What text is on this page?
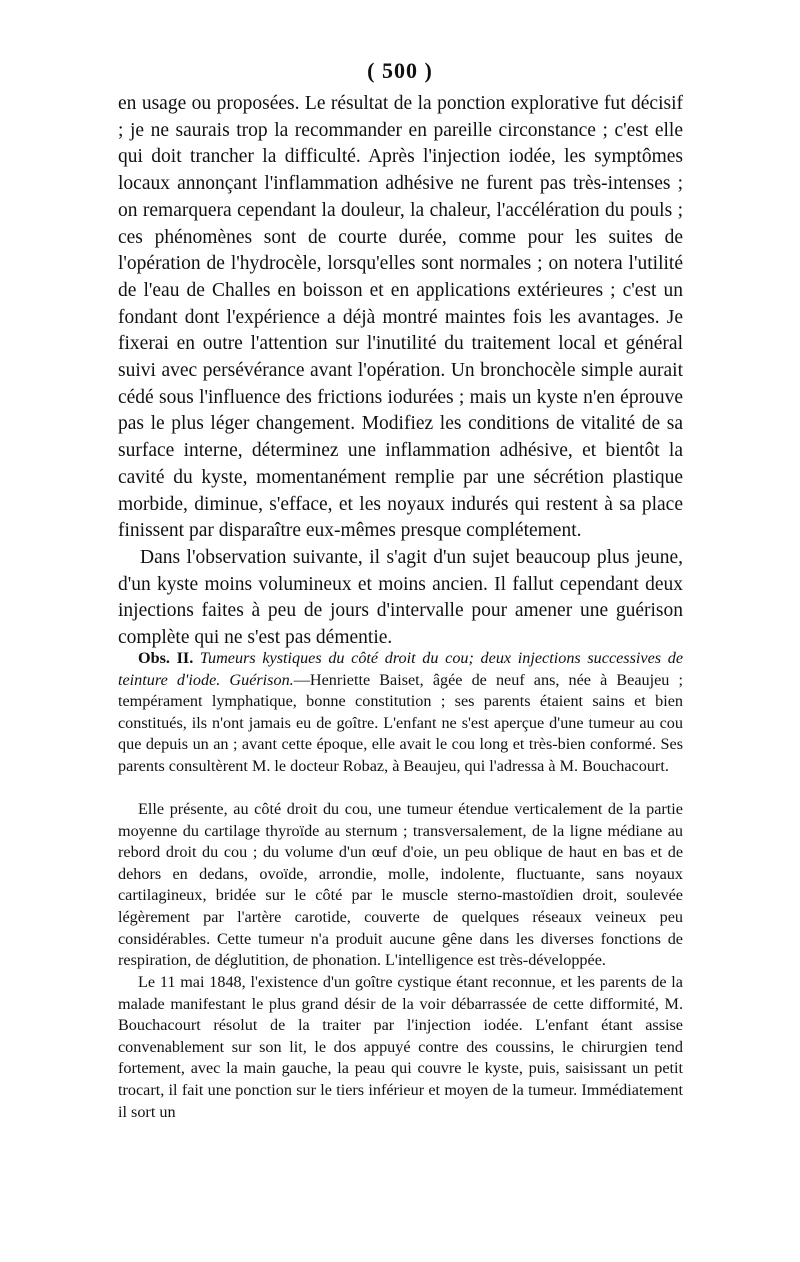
( 500 )

en usage ou proposées. Le résultat de la ponction explorative fut décisif ; je ne saurais trop la recommander en pareille circonstance ; c'est elle qui doit trancher la difficulté. Après l'injection iodée, les symptômes locaux annonçant l'inflammation adhésive ne furent pas très-intenses ; on remarquera cependant la douleur, la chaleur, l'accélération du pouls ; ces phénomènes sont de courte durée, comme pour les suites de l'opération de l'hydrocèle, lorsqu'elles sont normales ; on notera l'utilité de l'eau de Challes en boisson et en applications extérieures ; c'est un fondant dont l'expérience a déjà montré maintes fois les avantages. Je fixerai en outre l'attention sur l'inutilité du traitement local et général suivi avec persévérance avant l'opération. Un bronchocèle simple aurait cédé sous l'influence des frictions iodurées ; mais un kyste n'en éprouve pas le plus léger changement. Modifiez les conditions de vitalité de sa surface interne, déterminez une inflammation adhésive, et bientôt la cavité du kyste, momentanément remplie par une sécrétion plastique morbide, diminue, s'efface, et les noyaux indurés qui restent à sa place finissent par disparaître eux-mêmes presque complétement.

Dans l'observation suivante, il s'agit d'un sujet beaucoup plus jeune, d'un kyste moins volumineux et moins ancien. Il fallut cependant deux injections faites à peu de jours d'intervalle pour amener une guérison complète qui ne s'est pas démentie.

Obs. II. Tumeurs kystiques du côté droit du cou; deux injections successives de teinture d'iode. Guérison.—Henriette Baiset, âgée de neuf ans, née à Beaujeu ; tempérament lymphatique, bonne constitution ; ses parents étaient sains et bien constitués, ils n'ont jamais eu de goître. L'enfant ne s'est aperçue d'une tumeur au cou que depuis un an ; avant cette époque, elle avait le cou long et très-bien conformé. Ses parents consultèrent M. le docteur Robaz, à Beaujeu, qui l'adressa à M. Bouchacourt.

Elle présente, au côté droit du cou, une tumeur étendue verticalement de la partie moyenne du cartilage thyroïde au sternum ; transversalement, de la ligne médiane au rebord droit du cou ; du volume d'un œuf d'oie, un peu oblique de haut en bas et de dehors en dedans, ovoïde, arrondie, molle, indolente, fluctuante, sans noyaux cartilagineux, bridée sur le côté par le muscle sterno-mastoïdien droit, soulevée légèrement par l'artère carotide, couverte de quelques réseaux veineux peu considérables. Cette tumeur n'a produit aucune gêne dans les diverses fonctions de respiration, de déglutition, de phonation. L'intelligence est très-développée.

Le 11 mai 1848, l'existence d'un goître cystique étant reconnue, et les parents de la malade manifestant le plus grand désir de la voir débarrassée de cette difformité, M. Bouchacourt résolut de la traiter par l'injection iodée. L'enfant étant assise convenablement sur son lit, le dos appuyé contre des coussins, le chirurgien tend fortement, avec la main gauche, la peau qui couvre le kyste, puis, saisissant un petit trocart, il fait une ponction sur le tiers inférieur et moyen de la tumeur. Immédiatement il sort un
